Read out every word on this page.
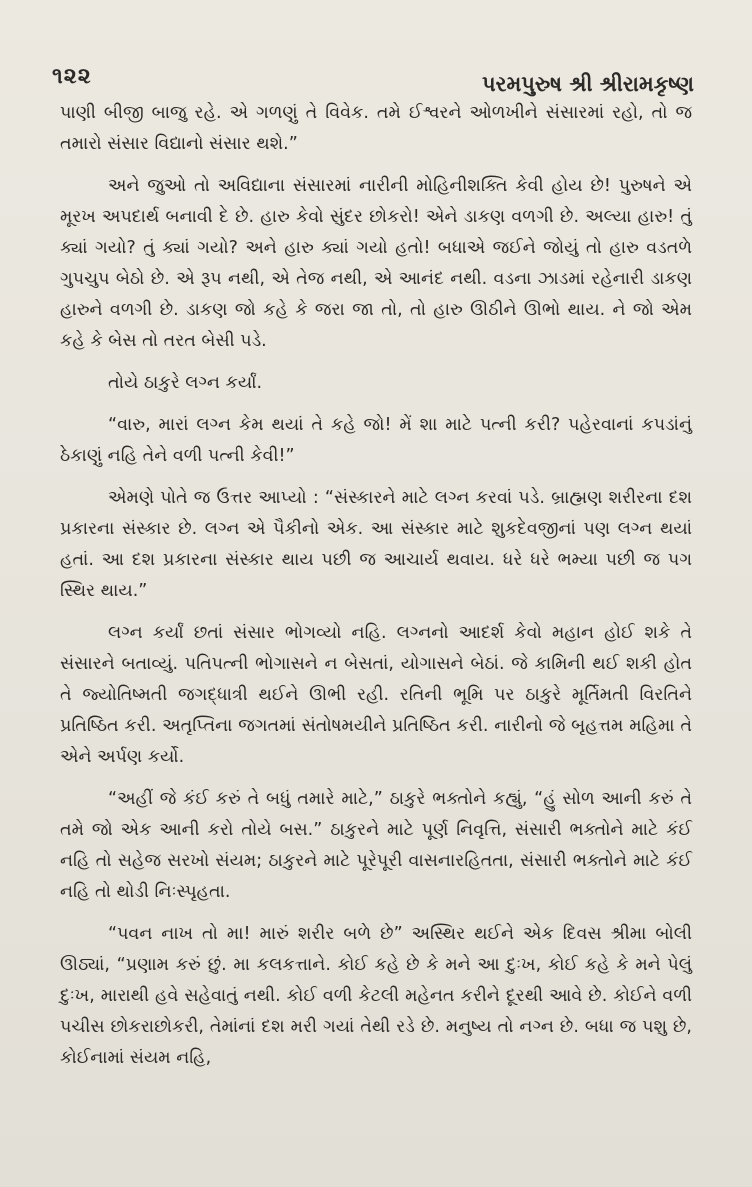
૧૨૨	પરમપુરુષ શ્રી શ્રીરામકૃષ્ણ

પાણી બીજી બાજુ રહે. એ ગળણું તે વિવેક. તમે ઈશ્વરને ઓળખીને સંસારમાં રહો, તો જ તમારો સંસાર વિદ્યાનો સંસાર થશે.”

અને જુઓ તો અવિદ્યાના સંસારમાં નારીની મોહિનીશક્તિ કેવી હોય છે! પુરુષને એ મૂરખ અપદાર્થ બનાવી દે છે. હારુ કેવો સુંદર છોકરો! એને ડાકણ વળગી છે. અલ્યા હારુ! તું ક્યાં ગયો? તું ક્યાં ગયો? અને હારુ ક્યાં ગયો હતો! બધાએ જઈને જોયું તો હારુ વડતળે ગુપચુપ બેઠો છે. એ રૂપ નથી, એ તેજ નથી, એ આનંદ નથી. વડના ઝાડમાં રહેનારી ડાકણ હારુને વળગી છે. ડાકણ જો કહે કે જરા જા તો, તો હારુ ઊઠીને ઊભો થાય. ને જો એમ કહે કે બેસ તો તરત બેસી પડે.

તોયે ઠાકુરે લગ્ન કર્યાં.

“વારુ, મારાં લગ્ન કેમ થયાં તે કહે જો! મેં શા માટે પત્ની કરી? પહેરવાનાં કપડાંનું ઠેકાણું નહિ તેને વળી પત્ની કેવી!”

એમણે પોતે જ ઉત્તર આપ્યો : “સંસ્કારને માટે લગ્ન કરવાં પડે. બ્રાહ્મણ શરીરના દશ પ્રકારના સંસ્કાર છે. લગ્ન એ પૈકીનો એક. આ સંસ્કાર માટે શુકદેવજીનાં પણ લગ્ન થયાં હતાં. આ દશ પ્રકારના સંસ્કાર થાય પછી જ આચાર્ય થવાય. ધરે ધરે ભમ્યા પછી જ પગ સ્થિર થાય.”

લગ્ન કર્યાં છતાં સંસાર ભોગવ્યો નહિ. લગ્નનો આદર્શ કેવો મહાન હોઈ શકે તે સંસારને બતાવ્યું. પતિપત્ની ભોગાસને ન બેસતાં, યોગાસને બેઠાં. જે કામિની થઈ શકી હોત તે જ્યોતિષ્મતી જગદ્ધાત્રી થઈને ઊભી રહી. રતિની ભૂમિ પર ઠાકુરે મૂર્તિમતી વિરતિને પ્રતિષ્ઠિત કરી. અતૃપ્તિના જગતમાં સંતોષમયીને પ્રતિષ્ઠિત કરી. નારીનો જે બૃહત્તમ મહિમા તે એને અર્પણ કર્યો.

“અહીં જે કંઈ કરું તે બધું તમારે માટે,” ઠાકુરે ભક્તોને કહ્યું, “હું સોળ આની કરું તે તમે જો એક આની કરો તોયે બસ.” ઠાકુરને માટે પૂર્ણ નિવૃત્તિ, સંસારી ભક્તોને માટે કંઈ નહિ તો સહેજ સરખો સંયમ; ઠાકુરને માટે પૂરેપૂરી વાસનારહિતતા, સંસારી ભક્તોને માટે કંઈ નહિ તો થોડી નિઃસ્પૃહતા.

“પવન નાખ તો મા! મારું શરીર બળે છે” અસ્થિર થઈને એક દિવસ શ્રીમા બોલી ઊઠ્યાં, “પ્રણામ કરું છું. મા કલકત્તાને. કોઈ કહે છે કે મને આ દુઃખ, કોઈ કહે કે મને પેલું દુઃખ, મારાથી હવે સહેવાતું નથી. કોઈ વળી કેટલી મહેનત કરીને દૂરથી આવે છે. કોઈને વળી પચીસ છોકરાછોકરી, તેમાંનાં દશ મરી ગયાં તેથી રડે છે. મનુષ્ય તો નગ્ન છે. બધા જ પશુ છે, કોઈનામાં સંયમ નહિ,
